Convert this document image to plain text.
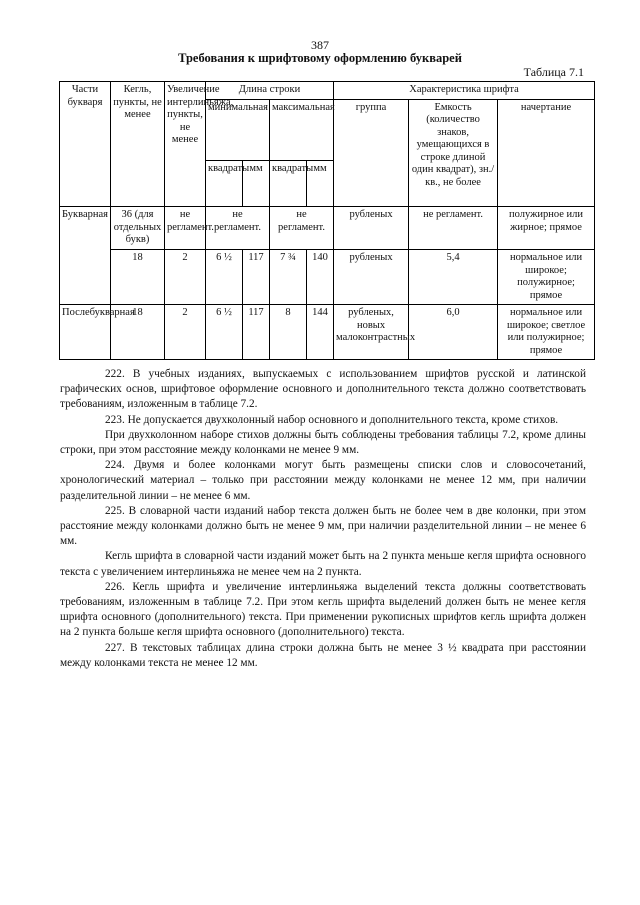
387
Требования к шрифтовому оформлению букварей
Таблица 7.1
Части букваря	Кегль, пункты, не менее	Увеличение интерлиньяжа, пункты, не менее	Длина строки				Характеристика шрифта		
			минимальная		максимальная		группа	Емкость (количество знаков, умещающихся в строке длиной один квадрат), зн./кв., не более	начертание
			квадраты	мм	квадраты	мм			
Букварная	36 (для отдельных букв)	не регламент.	не регламент.		не регламент.		рубленых	не регламент.	полужирное или жирное; прямое
	18	2	6 ½	117	7 ¾	140	рубленых	5,4	нормальное или широкое; полужирное; прямое
Послебукварная	18	2	6 ½	117	8	144	рубленых, новых малоконтрастных	6,0	нормальное или широкое; светлое или полужирное; прямое

222. В учебных изданиях, выпускаемых с использованием шрифтов русской и латинской графических основ, шрифтовое оформление основного и дополнительного текста должно соответствовать требованиям, изложенным в таблице 7.2.

223. Не допускается двухколонный набор основного и дополнительного текста, кроме стихов.

При двухколонном наборе стихов должны быть соблюдены требования таблицы 7.2, кроме длины строки, при этом расстояние между колонками не менее 9 мм.

224. Двумя и более колонками могут быть размещены списки слов и словосочетаний, хронологический материал – только при расстоянии между колонками не менее 12 мм, при наличии разделительной линии – не менее 6 мм.

225. В словарной части изданий набор текста должен быть не более чем в две колонки, при этом расстояние между колонками должно быть не менее 9 мм, при наличии разделительной линии – не менее 6 мм.

Кегль шрифта в словарной части изданий может быть на 2 пункта меньше кегля шрифта основного текста с увеличением интерлиньяжа не менее чем на 2 пункта.

226. Кегль шрифта и увеличение интерлиньяжа выделений текста должны соответствовать требованиям, изложенным в таблице 7.2. При этом кегль шрифта выделений должен быть не менее кегля шрифта основного (дополнительного) текста. При применении рукописных шрифтов кегль шрифта должен на 2 пункта больше кегля шрифта основного (дополнительного) текста.

227. В текстовых таблицах длина строки должна быть не менее 3 ½ квадрата при расстоянии между колонками текста не менее 12 мм.
